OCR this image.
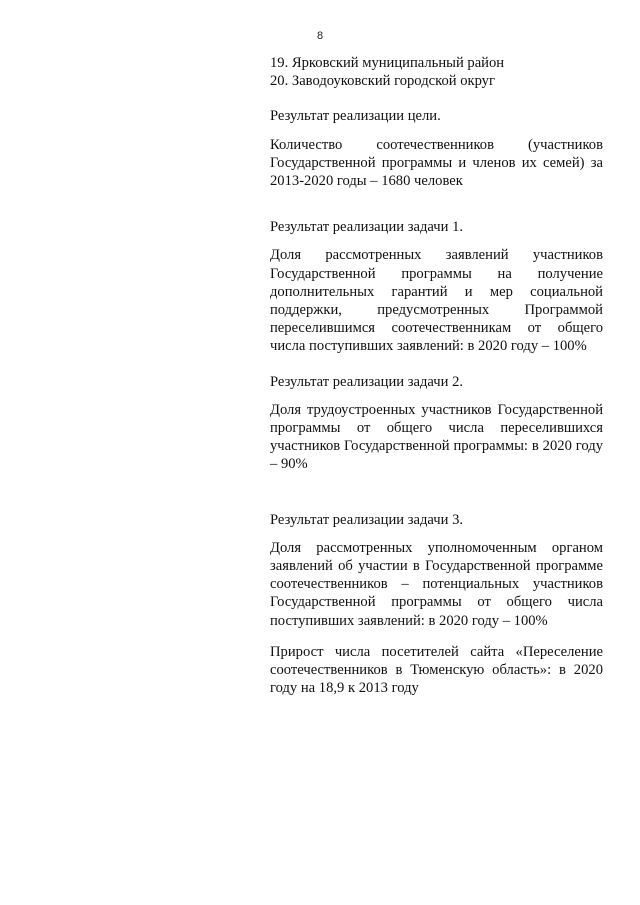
8

19. Ярковский муниципальный район

20. Заводоуковский городской округ

Результат реализации цели.

Количество соотечественников (участников Государственной программы и членов их семей) за 2013-2020 годы – 1680 человек

Результат реализации задачи 1.

Доля рассмотренных заявлений участников Государственной программы на получение дополнительных гарантий и мер социальной поддержки, предусмотренных Программой переселившимся соотечественникам от общего числа поступивших заявлений: в 2020 году – 100%

Результат реализации задачи 2.

Доля трудоустроенных участников Государственной программы от общего числа переселившихся участников Государственной программы: в 2020 году – 90%

Результат реализации задачи 3.

Доля рассмотренных уполномоченным органом заявлений об участии в Государственной программе соотечественников – потенциальных участников Государственной программы от общего числа поступивших заявлений: в 2020 году – 100%

Прирост числа посетителей сайта «Переселение соотечественников в Тюменскую область»: в 2020 году на 18,9 к 2013 году
